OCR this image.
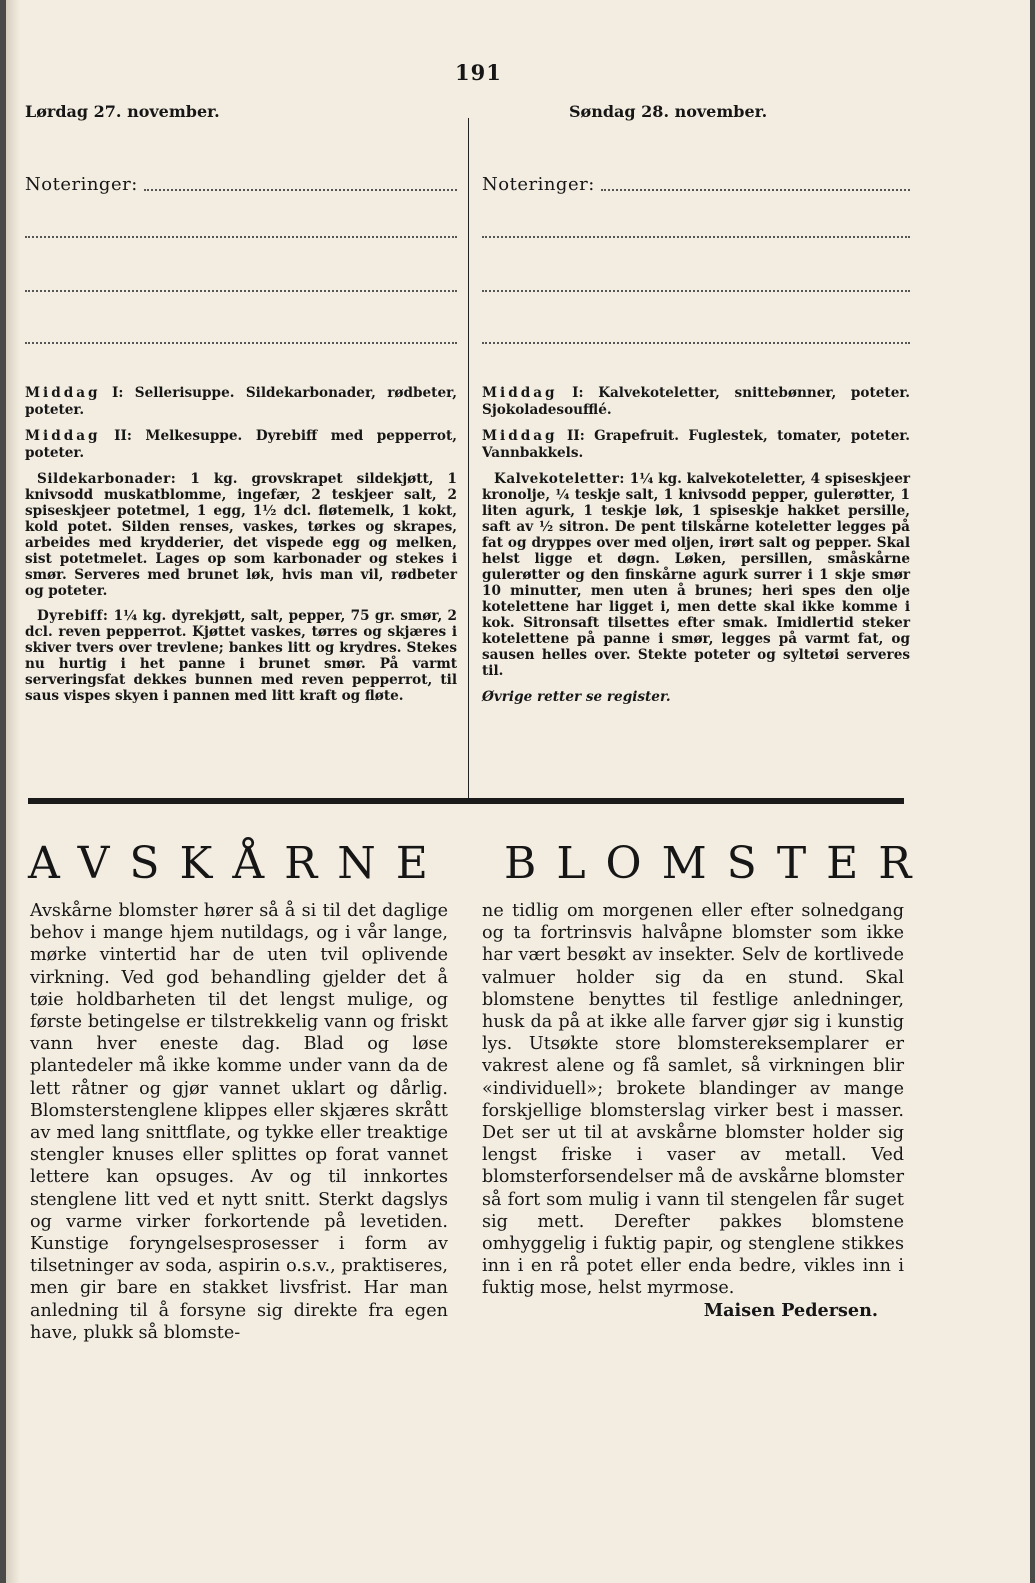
191
Lørdag 27. november.
Noteringer:

Middag I: Sellerisuppe. Sildekarbonader, rødbeter, poteter.

Middag II: Melkesuppe. Dyrebiff med pepperrot, poteter.

Sildekarbonader: 1 kg. grovskrapet sildekjøtt, 1 knivsodd muskatblomme, ingefær, 2 teskjeer salt, 2 spiseskjeer potetmel, 1 egg, 1½ dcl. fløtemelk, 1 kokt, kold potet. Silden renses, vaskes, tørkes og skrapes, arbeides med krydderier, det vispede egg og melken, sist potetmelet. Lages op som karbonader og stekes i smør. Serveres med brunet løk, hvis man vil, rødbeter og poteter.

Dyrebiff: 1¼ kg. dyrekjøtt, salt, pepper, 75 gr. smør, 2 dcl. reven pepperrot. Kjøttet vaskes, tørres og skjæres i skiver tvers over trevlene; bankes litt og krydres. Stekes nu hurtig i het panne i brunet smør. På varmt serveringsfat dekkes bunnen med reven pepperrot, til saus vispes skyen i pannen med litt kraft og fløte.

Søndag 28. november.
Noteringer:

Middag I: Kalvekoteletter, snittebønner, poteter. Sjokoladesoufflé.

Middag II: Grapefruit. Fuglestek, tomater, poteter. Vannbakkels.

Kalvekoteletter: 1¼ kg. kalvekoteletter, 4 spiseskjeer kronolje, ¼ teskje salt, 1 knivsodd pepper, gulerøtter, 1 liten agurk, 1 teskje løk, 1 spiseskje hakket persille, saft av ½ sitron. De pent tilskårne koteletter legges på fat og dryppes over med oljen, irørt salt og pepper. Skal helst ligge et døgn. Løken, persillen, småskårne gulerøtter og den finskårne agurk surrer i 1 skje smør 10 minutter, men uten å brunes; heri spes den olje kotelettene har ligget i, men dette skal ikke komme i kok. Sitronsaft tilsettes efter smak. Imidlertid steker kotelettene på panne i smør, legges på varmt fat, og sausen helles over. Stekte poteter og syltetøi serveres til.

Øvrige retter se register.

AVSKÅRNE BLOMSTER
Avskårne blomster hører så å si til det daglige behov i mange hjem nutildags, og i vår lange, mørke vintertid har de uten tvil oplivende virkning. Ved god behandling gjelder det å tøie holdbarheten til det lengst mulige, og første betingelse er tilstrekkelig vann og friskt vann hver eneste dag. Blad og løse plantedeler må ikke komme under vann da de lett råtner og gjør vannet uklart og dårlig. Blomsterstenglene klippes eller skjæres skrått av med lang snittflate, og tykke eller treaktige stengler knuses eller splittes op forat vannet lettere kan opsuges. Av og til innkortes stenglene litt ved et nytt snitt. Sterkt dagslys og varme virker forkortende på levetiden. Kunstige foryngelsesprosesser i form av tilsetninger av soda, aspirin o.s.v., praktiseres, men gir bare en stakket livsfrist. Har man anledning til å forsyne sig direkte fra egen have, plukk så blomste-
ne tidlig om morgenen eller efter solnedgang og ta fortrinsvis halvåpne blomster som ikke har vært besøkt av insekter. Selv de kortlivede valmuer holder sig da en stund. Skal blomstene benyttes til festlige anledninger, husk da på at ikke alle farver gjør sig i kunstig lys. Utsøkte store blomstereksemplarer er vakrest alene og få samlet, så virkningen blir «individuell»; brokete blandinger av mange forskjellige blomsterslag virker best i masser. Det ser ut til at avskårne blomster holder sig lengst friske i vaser av metall. Ved blomsterforsendelser må de avskårne blomster så fort som mulig i vann til stengelen får suget sig mett. Derefter pakkes blomstene omhyggelig i fuktig papir, og stenglene stikkes inn i en rå potet eller enda bedre, vikles inn i fuktig mose, helst myrmose.
Maisen Pedersen.
